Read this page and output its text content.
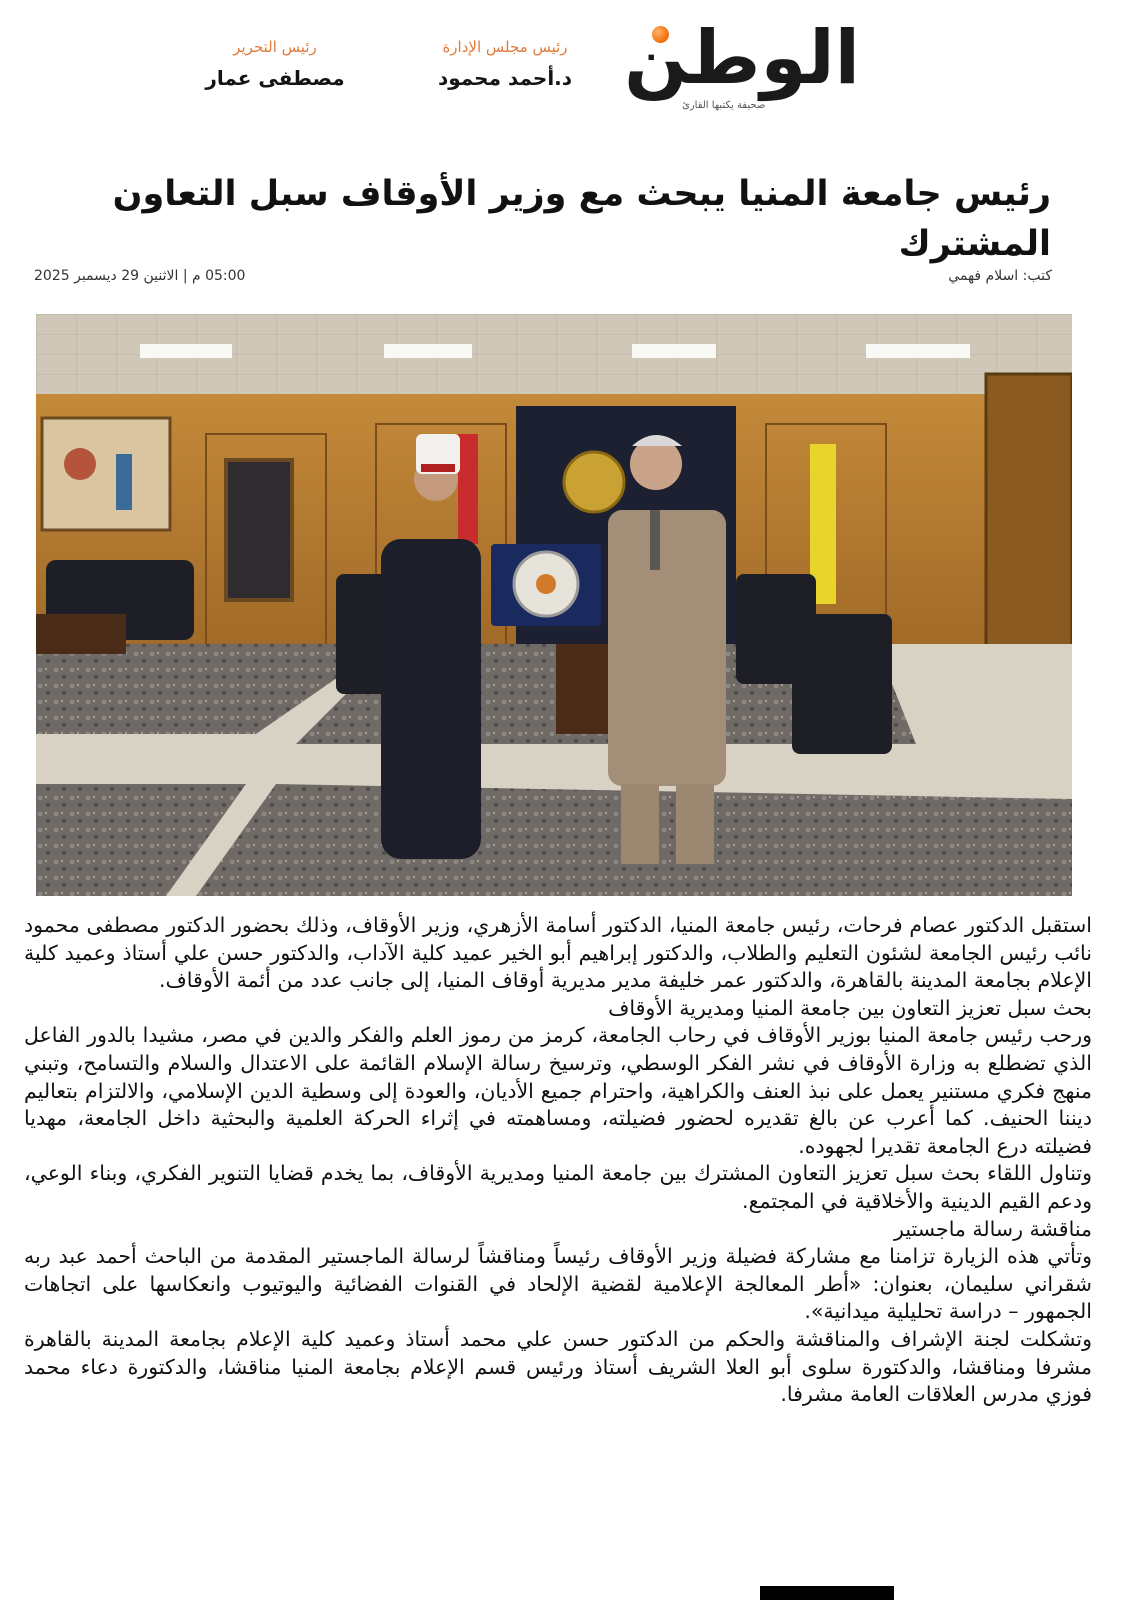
الوطن
صحيفة يكتبها القارئ
رئيس مجلس الإدارة
د.أحمد محمود
رئيس التحرير
مصطفى عمار
رئيس جامعة المنيا يبحث مع وزير الأوقاف سبل التعاون المشترك
كتب: اسلام فهمي
05:00 م | الاثنين 29 ديسمبر 2025

استقبل الدكتور عصام فرحات، رئيس جامعة المنيا، الدكتور أسامة الأزهري، وزير الأوقاف، وذلك بحضور الدكتور مصطفى محمود نائب رئيس الجامعة لشئون التعليم والطلاب، والدكتور إبراهيم أبو الخير عميد كلية الآداب، والدكتور حسن علي أستاذ وعميد كلية الإعلام بجامعة المدينة بالقاهرة، والدكتور عمر خليفة مدير مديرية أوقاف المنيا، إلى جانب عدد من أئمة الأوقاف.

بحث سبل تعزيز التعاون بين جامعة المنيا ومديرية الأوقاف

ورحب رئيس جامعة المنيا بوزير الأوقاف في رحاب الجامعة، كرمز من رموز العلم والفكر والدين في مصر، مشيدا بالدور الفاعل الذي تضطلع به وزارة الأوقاف في نشر الفكر الوسطي، وترسيخ رسالة الإسلام القائمة على الاعتدال والسلام والتسامح، وتبني منهج فكري مستنير يعمل على نبذ العنف والكراهية، واحترام جميع الأديان، والعودة إلى وسطية الدين الإسلامي، والالتزام بتعاليم ديننا الحنيف. كما أعرب عن بالغ تقديره لحضور فضيلته، ومساهمته في إثراء الحركة العلمية والبحثية داخل الجامعة، مهديا فضيلته درع الجامعة تقديرا لجهوده.

وتناول اللقاء بحث سبل تعزيز التعاون المشترك بين جامعة المنيا ومديرية الأوقاف، بما يخدم قضايا التنوير الفكري، وبناء الوعي، ودعم القيم الدينية والأخلاقية في المجتمع.

مناقشة رسالة ماجستير

وتأتي هذه الزيارة تزامنا مع مشاركة فضيلة وزير الأوقاف رئيساً ومناقشاً لرسالة الماجستير المقدمة من الباحث أحمد عبد ربه شقراني سليمان، بعنوان: «أطر المعالجة الإعلامية لقضية الإلحاد في القنوات الفضائية واليوتيوب وانعكاسها على اتجاهات الجمهور – دراسة تحليلية ميدانية».

وتشكلت لجنة الإشراف والمناقشة والحكم من الدكتور حسن علي محمد أستاذ وعميد كلية الإعلام بجامعة المدينة بالقاهرة مشرفا ومناقشا، والدكتورة سلوى أبو العلا الشريف أستاذ ورئيس قسم الإعلام بجامعة المنيا مناقشا، والدكتورة دعاء محمد فوزي مدرس العلاقات العامة مشرفا.
